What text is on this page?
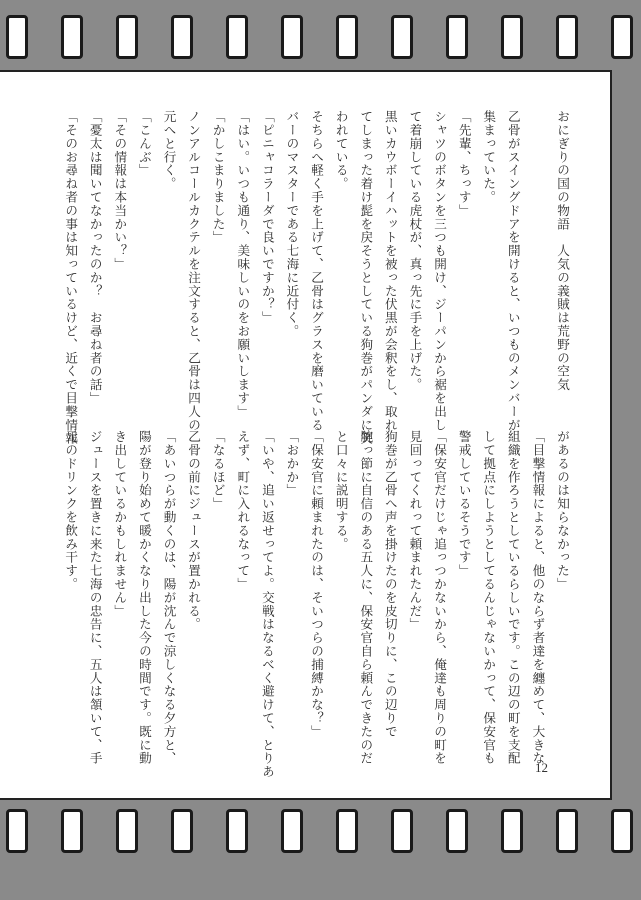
おにぎりの国の物語　人気の義賊は荒野の空気

乙骨がスイングドアを開けると、いつものメンバーが
集まっていた。
「先輩、ちっす」
シャツのボタンを三つも開け、ジーパンから裾を出し
て着崩している虎杖が、真っ先に手を上げた。
黒いカウボーイハットを被った伏黒が会釈をし、取れ
てしまった着け髭を戻そうとしている狗巻がパンダに笑
われている。
そちらへ軽く手を上げて、乙骨はグラスを磨いている
バーのマスターである七海に近付く。
「ピニャコラーダで良いですか？」
「はい。いつも通り、美味しいのをお願いします」
「かしこまりました」
ノンアルコールカクテルを注文すると、乙骨は四人の
元へと行く。
「こんぶ」
「その情報は本当かい？」
「憂太は聞いてなかったのか？　お尋ね者の話」
「そのお尋ね者の事は知っているけど、近くで目撃情報
があるのは知らなかった」
「目撃情報によると、他のならず者達を纏めて、大きな
組織を作ろうとしているらしいです。この辺の町を支配
して拠点にしようとしてるんじゃないかって、保安官も
警戒しているそうです」
「保安官だけじゃ追っつかないから、俺達も周りの町を
見回ってくれって頼まれたんだ」
狗巻が乙骨へ声を掛けたのを皮切りに、この辺りで
腕っ節に自信のある五人に、保安官自ら頼んできたのだ
と口々に説明する。
「保安官に頼まれたのは、そいつらの捕縛かな？」
「おかか」
「いや、追い返せってよ。交戦はなるべく避けて、とりあ
えず、町に入れるなって」
「なるほど」
乙骨の前にジュースが置かれる。
「あいつらが動くのは、陽が沈んで涼しくなる夕方と、
陽が登り始めて暖かくなり出した今の時間です。既に動
き出しているかもしれません」
ジュースを置きに来た七海の忠告に、五人は頷いて、手
元のドリンクを飲み干す。
12
